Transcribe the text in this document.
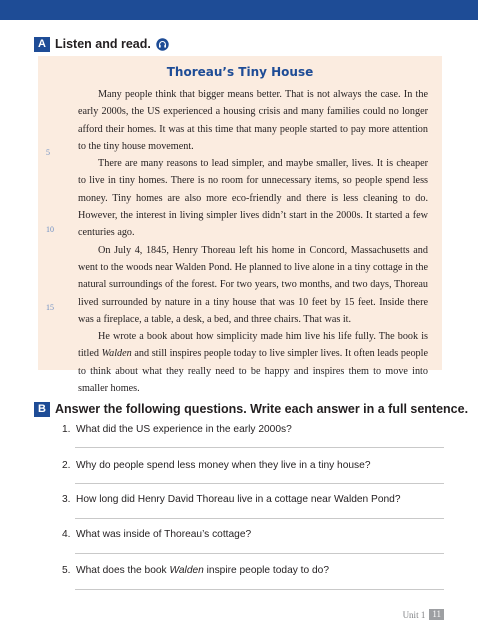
A Listen and read.
Thoreau’s Tiny House

Many people think that bigger means better. That is not always the case. In the early 2000s, the US experienced a housing crisis and many families could no longer afford their homes. It was at this time that many people started to pay more attention to the tiny house movement.

There are many reasons to lead simpler, and maybe smaller, lives. It is cheaper to live in tiny homes. There is no room for unnecessary items, so people spend less money. Tiny homes are also more eco-friendly and there is less cleaning to do. However, the interest in living simpler lives didn’t start in the 2000s. It started a few centuries ago.

On July 4, 1845, Henry Thoreau left his home in Concord, Massachusetts and went to the woods near Walden Pond. He planned to live alone in a tiny cottage in the natural surroundings of the forest. For two years, two months, and two days, Thoreau lived surrounded by nature in a tiny house that was 10 feet by 15 feet. Inside there was a fireplace, a table, a desk, a bed, and three chairs. That was it.

He wrote a book about how simplicity made him live his life fully. The book is titled Walden and still inspires people today to live simpler lives. It often leads people to think about what they really need to be happy and inspires them to move into smaller homes.

5
10
15
B Answer the following questions. Write each answer in a full sentence.
1. What did the US experience in the early 2000s?
2. Why do people spend less money when they live in a tiny house?
3. How long did Henry David Thoreau live in a cottage near Walden Pond?
4. What was inside of Thoreau’s cottage?
5. What does the book Walden inspire people today to do?
Unit 1 11
